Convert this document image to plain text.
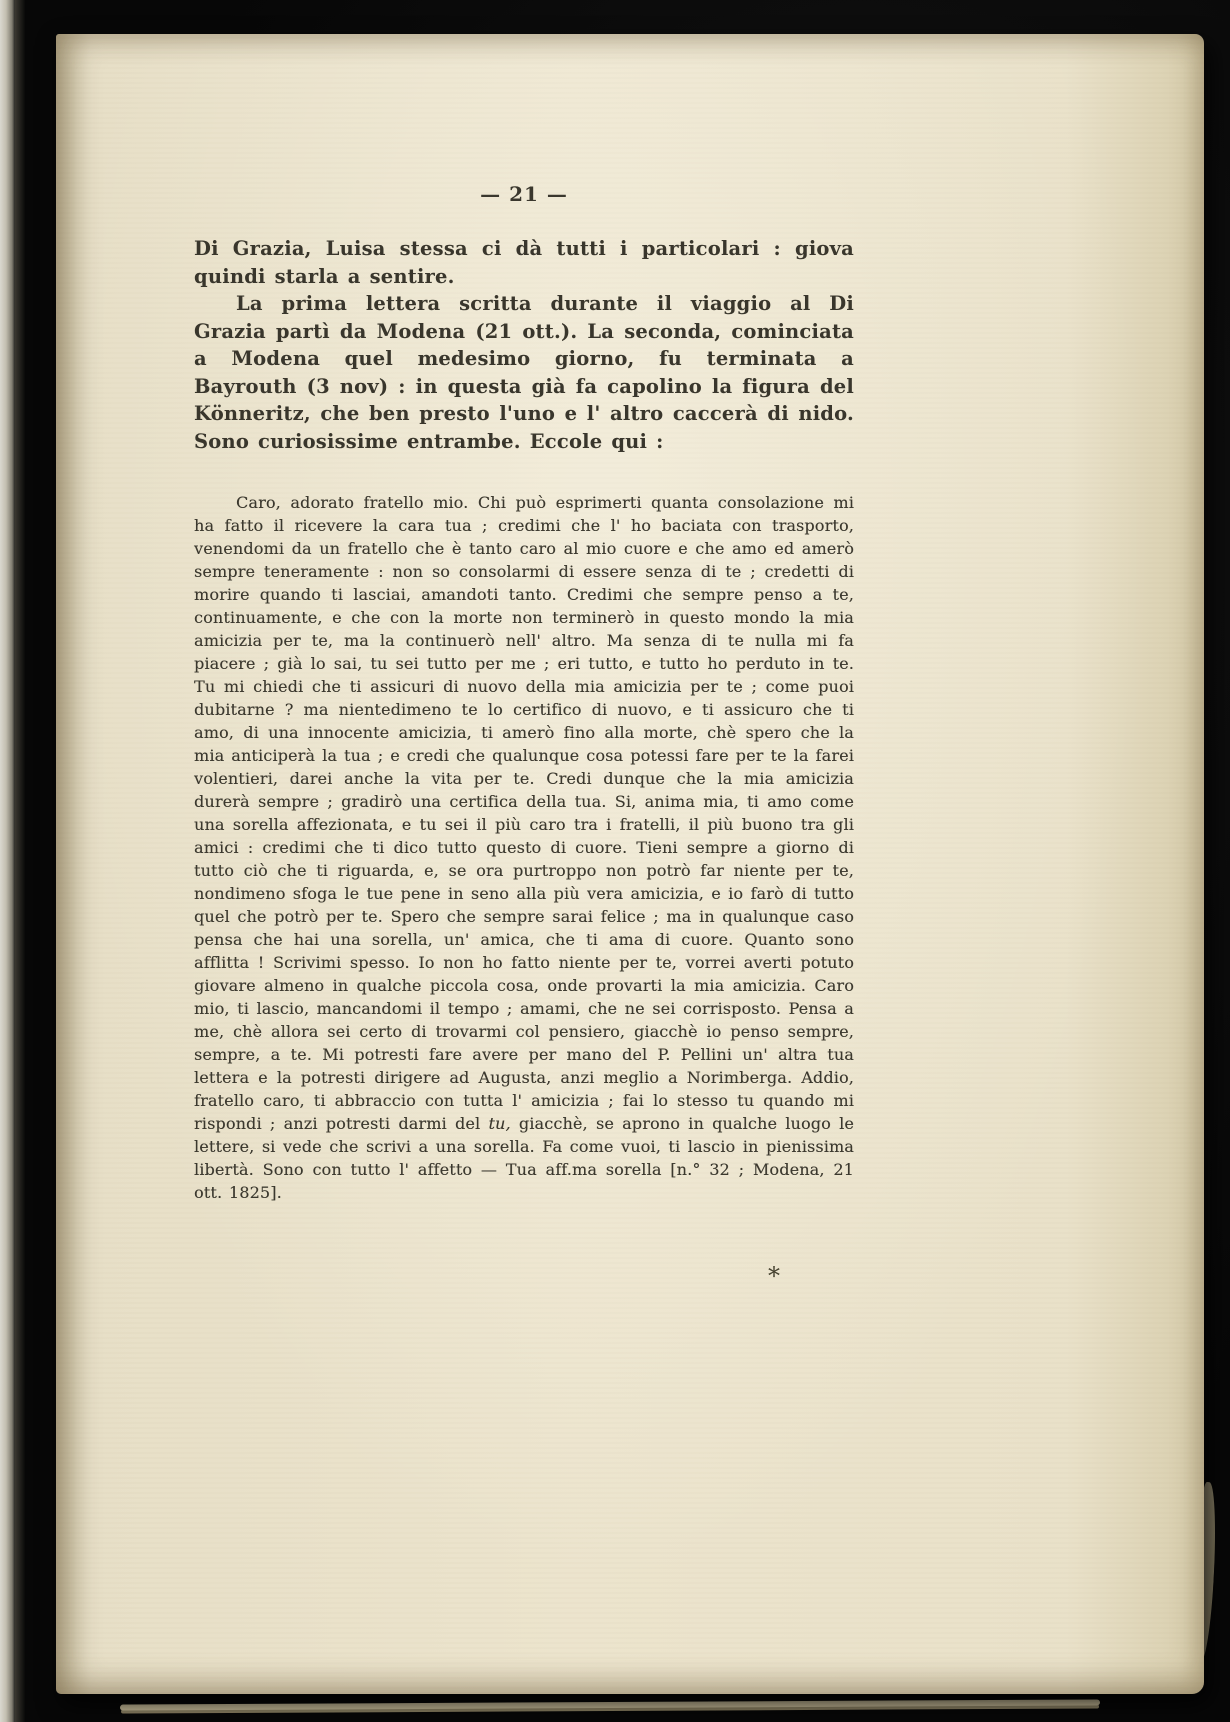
— 21 —

Di Grazia, Luisa stessa ci dà tutti i particolari : giova quindi starla a sentire.

La prima lettera scritta durante il viaggio al Di Grazia partì da Modena (21 ott.). La seconda, cominciata a Modena quel medesimo giorno, fu terminata a Bayrouth (3 nov) : in questa già fa capolino la figura del Könneritz, che ben presto l'uno e l' altro caccerà di nido. Sono curiosissime entrambe. Eccole qui :

Caro, adorato fratello mio. Chi può esprimerti quanta consolazione mi ha fatto il ricevere la cara tua ; credimi che l' ho baciata con trasporto, venendomi da un fratello che è tanto caro al mio cuore e che amo ed amerò sempre teneramente : non so consolarmi di essere senza di te ; credetti di morire quando ti lasciai, amandoti tanto. Credimi che sempre penso a te, continuamente, e che con la morte non terminerò in questo mondo la mia amicizia per te, ma la continuerò nell' altro. Ma senza di te nulla mi fa piacere ; già lo sai, tu sei tutto per me ; eri tutto, e tutto ho perduto in te. Tu mi chiedi che ti assicuri di nuovo della mia amicizia per te ; come puoi dubitarne ? ma nientedimeno te lo certifico di nuovo, e ti assicuro che ti amo, di una innocente amicizia, ti amerò fino alla morte, chè spero che la mia anticiperà la tua ; e credi che qualunque cosa potessi fare per te la farei volentieri, darei anche la vita per te. Credi dunque che la mia amicizia durerà sempre ; gradirò una certifica della tua. Si, anima mia, ti amo come una sorella affezionata, e tu sei il più caro tra i fratelli, il più buono tra gli amici : credimi che ti dico tutto questo di cuore. Tieni sempre a giorno di tutto ciò che ti riguarda, e, se ora purtroppo non potrò far niente per te, nondimeno sfoga le tue pene in seno alla più vera amicizia, e io farò di tutto quel che potrò per te. Spero che sempre sarai felice ; ma in qualunque caso pensa che hai una sorella, un' amica, che ti ama di cuore. Quanto sono afflitta ! Scrivimi spesso. Io non ho fatto niente per te, vorrei averti potuto giovare almeno in qualche piccola cosa, onde provarti la mia amicizia. Caro mio, ti lascio, mancandomi il tempo ; amami, che ne sei corrisposto. Pensa a me, chè allora sei certo di trovarmi col pensiero, giacchè io penso sempre, sempre, a te. Mi potresti fare avere per mano del P. Pellini un' altra tua lettera e la potresti dirigere ad Augusta, anzi meglio a Norimberga. Addio, fratello caro, ti abbraccio con tutta l' amicizia ; fai lo stesso tu quando mi rispondi ; anzi potresti darmi del tu, giacchè, se aprono in qualche luogo le lettere, si vede che scrivi a una sorella. Fa come vuoi, ti lascio in pienissima libertà. Sono con tutto l' affetto — Tua aff.ma sorella [n.° 32 ; Modena, 21 ott. 1825].

*
